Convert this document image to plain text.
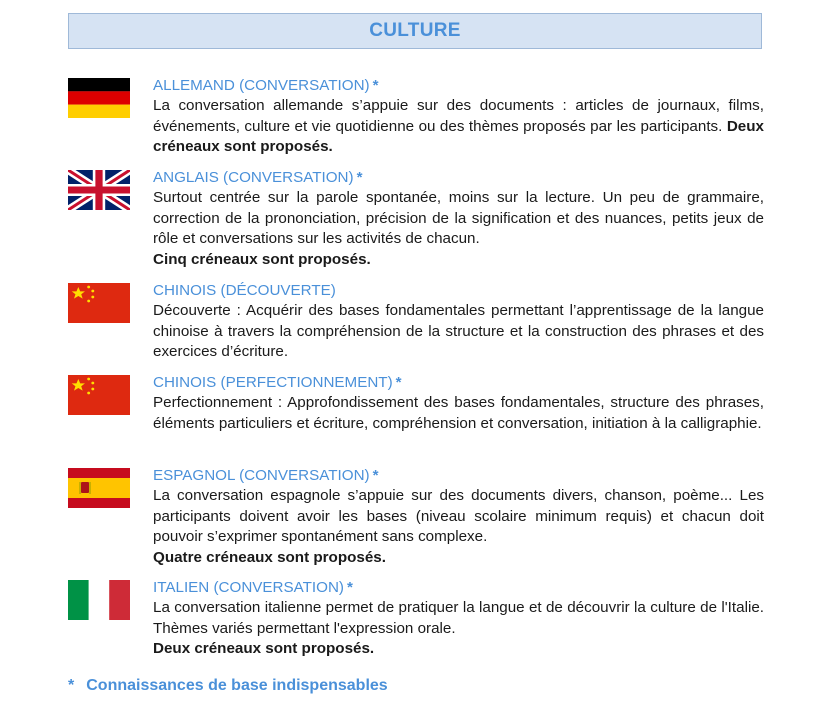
CULTURE
ALLEMAND (CONVERSATION) *
La conversation allemande s’appuie sur des documents : articles de journaux, films, événements, culture et vie quotidienne ou des thèmes proposés par les participants. Deux créneaux sont proposés.
ANGLAIS (CONVERSATION) *
Surtout centrée sur la parole spontanée, moins sur la lecture. Un peu de grammaire, correction de la prononciation, précision de la signification et des nuances, petits jeux de rôle et conversations sur les activités de chacun.
Cinq créneaux sont proposés.
CHINOIS (DÉCOUVERTE)
Découverte : Acquérir des bases fondamentales permettant l’apprentissage de la langue chinoise à travers la compréhension de la structure et la construction des phrases et des exercices d’écriture.
CHINOIS (PERFECTIONNEMENT) *
Perfectionnement : Approfondissement des bases fondamentales, structure des phrases, éléments particuliers et écriture, compréhension et conversation, initiation à la calligraphie.
ESPAGNOL (CONVERSATION) *
La conversation espagnole s’appuie sur des documents divers, chanson, poème... Les participants doivent avoir les bases (niveau scolaire minimum requis) et chacun doit pouvoir s’exprimer spontanément sans complexe.
Quatre créneaux sont proposés.
ITALIEN (CONVERSATION) *
La conversation italienne permet de pratiquer la langue et de découvrir la culture de l'Italie. Thèmes variés permettant l'expression orale.
Deux créneaux sont proposés.
* Connaissances de base indispensables
